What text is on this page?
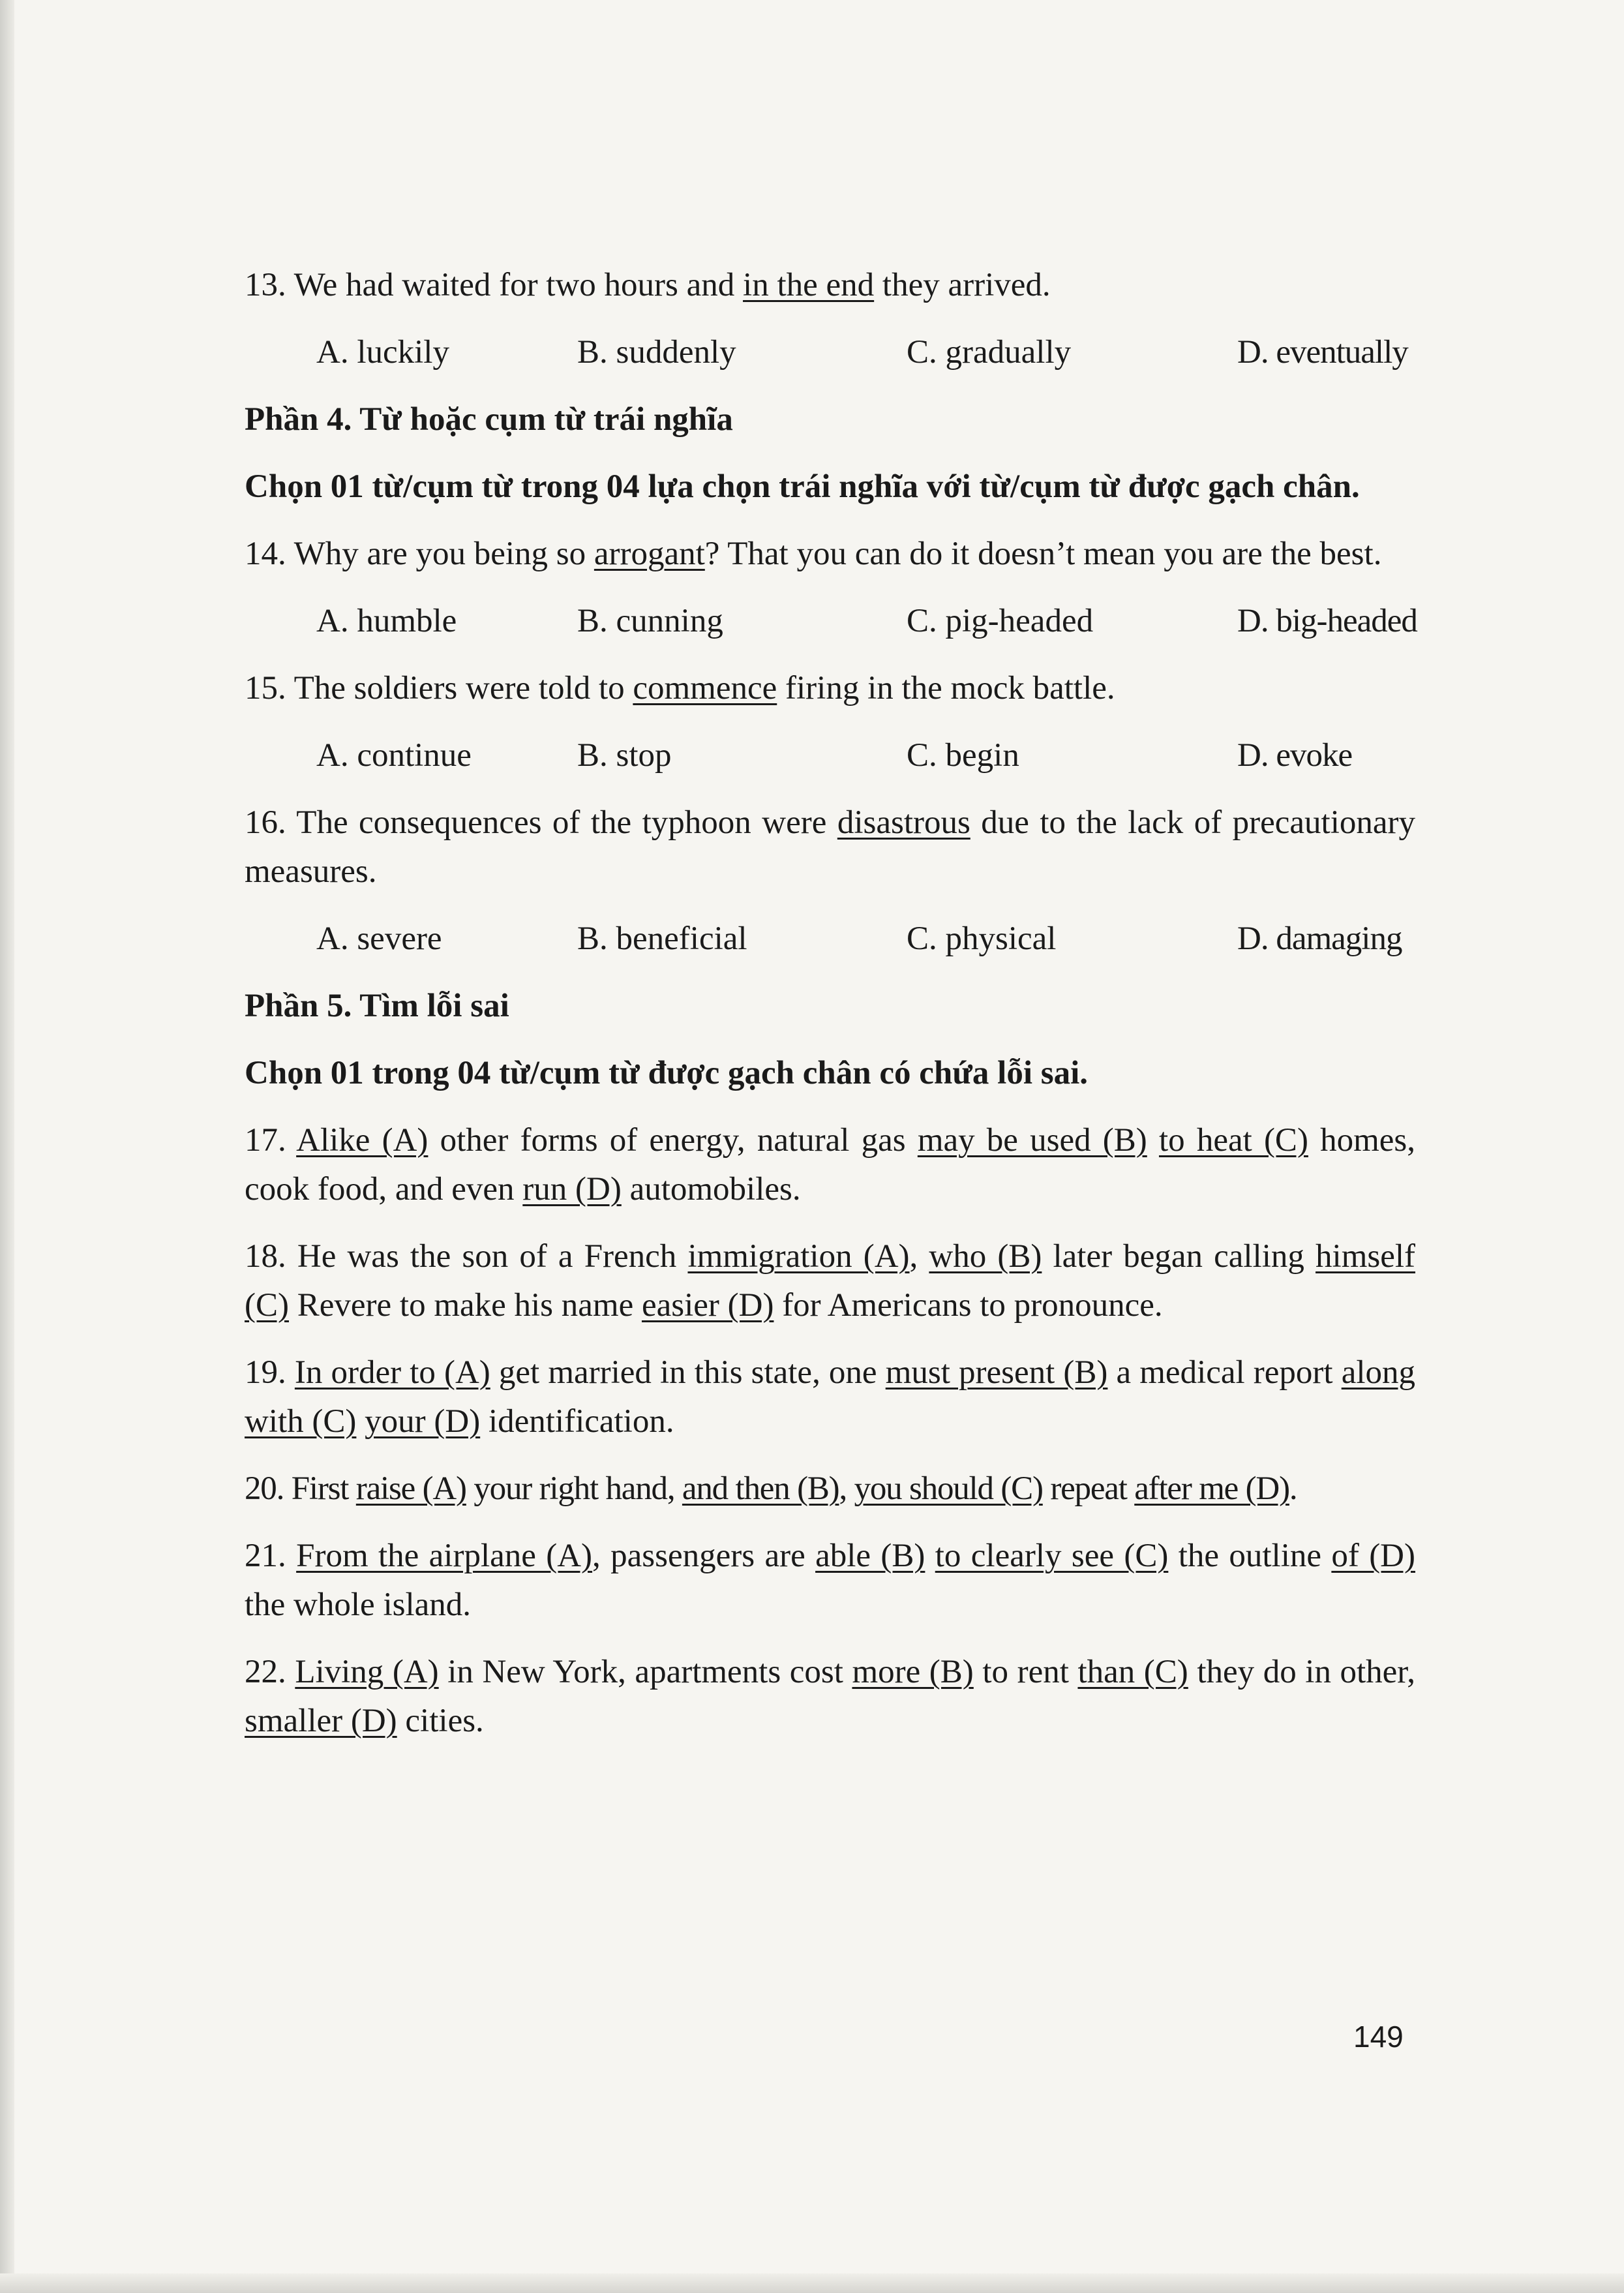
13. We had waited for two hours and in the end they arrived.

A. luckily	B. suddenly	C. gradually	D. eventually

Phần 4. Từ hoặc cụm từ trái nghĩa

Chọn 01 từ/cụm từ trong 04 lựa chọn trái nghĩa với từ/cụm từ được gạch chân.

14. Why are you being so arrogant? That you can do it doesn’t mean you are the best.

A. humble	B. cunning	C. pig-headed	D. big-headed

15. The soldiers were told to commence firing in the mock battle.

A. continue	B. stop	C. begin	D. evoke

16. The consequences of the typhoon were disastrous due to the lack of precautionary measures.

A. severe	B. beneficial	C. physical	D. damaging

Phần 5. Tìm lỗi sai

Chọn 01 trong 04 từ/cụm từ được gạch chân có chứa lỗi sai.

17. Alike (A) other forms of energy, natural gas may be used (B) to heat (C) homes, cook food, and even run (D) automobiles.

18. He was the son of a French immigration (A), who (B) later began calling himself (C) Revere to make his name easier (D) for Americans to pronounce.

19. In order to (A) get married in this state, one must present (B) a medical report along with (C) your (D) identification.

20. First raise (A) your right hand, and then (B), you should (C) repeat after me (D).

21. From the airplane (A), passengers are able (B) to clearly see (C) the outline of (D) the whole island.

22. Living (A) in New York, apartments cost more (B) to rent than (C) they do in other, smaller (D) cities.

149
